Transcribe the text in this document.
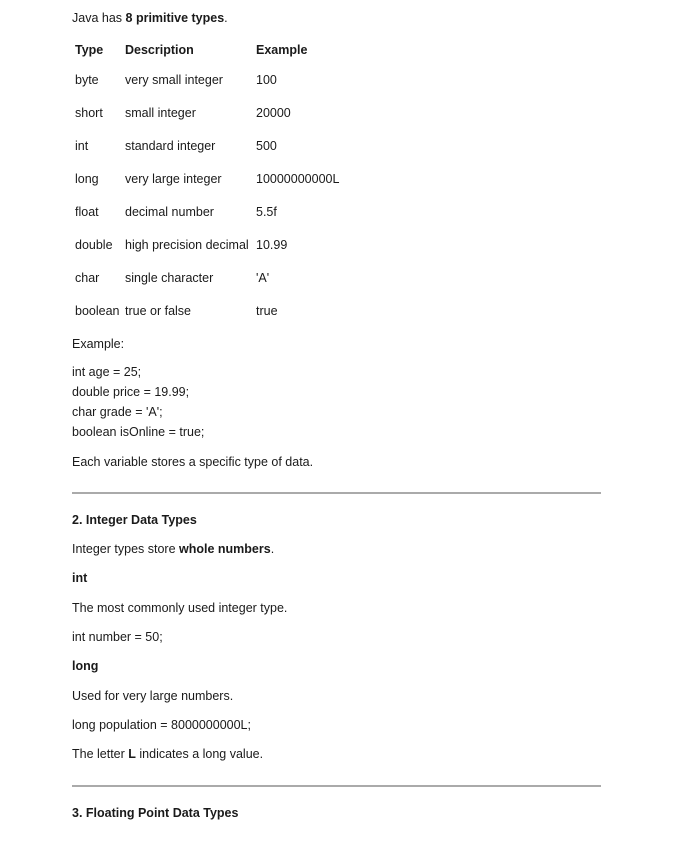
Java has 8 primitive types.
Type	Description	Example
byte	very small integer	100
short	small integer	20000
int	standard integer	500
long	very large integer	10000000000L
float	decimal number	5.5f
double	high precision decimal	10.99
char	single character	'A'
boolean	true or false	true
Example:
int age = 25;
double price = 19.99;
char grade = 'A';
boolean isOnline = true;
Each variable stores a specific type of data.
2. Integer Data Types
Integer types store whole numbers.
int
The most commonly used integer type.
int number = 50;
long
Used for very large numbers.
long population = 8000000000L;
The letter L indicates a long value.
3. Floating Point Data Types
